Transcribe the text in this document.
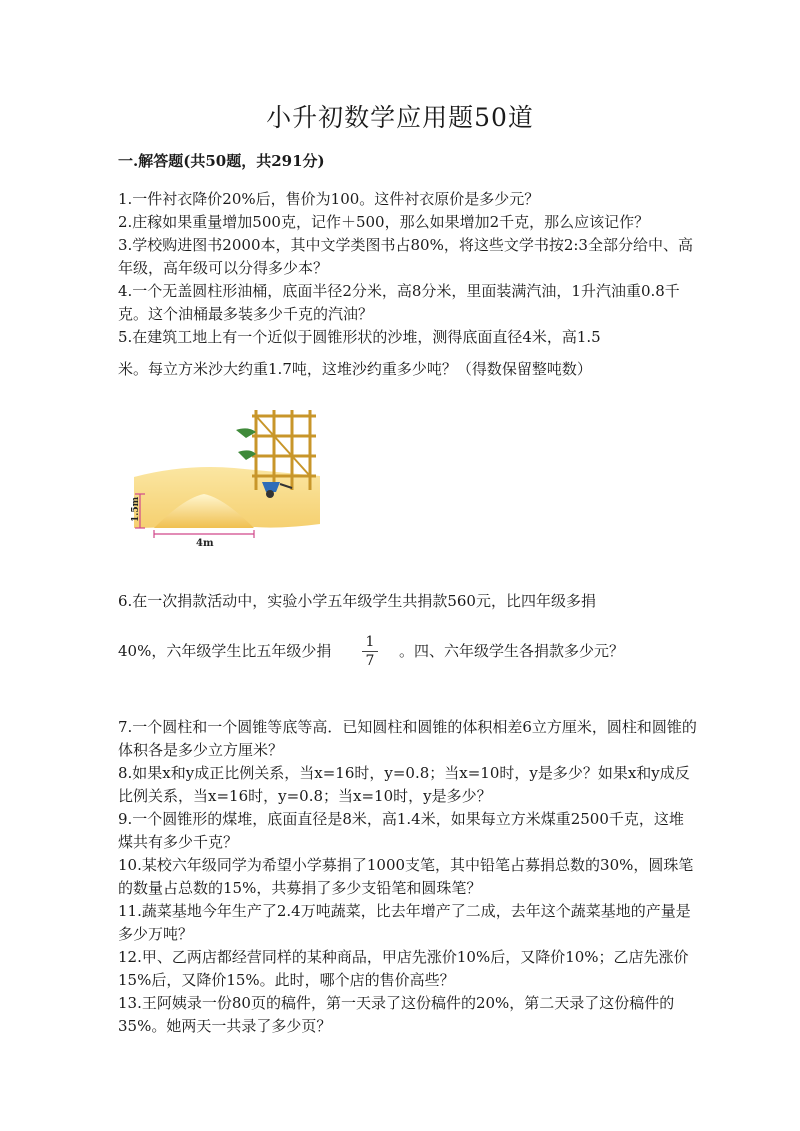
小升初数学应用题50道
一.解答题(共50题，共291分)

1.一件衬衣降价20%后，售价为100。这件衬衣原价是多少元？

2.庄稼如果重量增加500克，记作＋500，那么如果增加2千克，那么应该记作？

3.学校购进图书2000本，其中文学类图书占80%，将这些文学书按2:3全部分给中、高年级，高年级可以分得多少本？

4.一个无盖圆柱形油桶，底面半径2分米，高8分米，里面装满汽油，1升汽油重0.8千克。这个油桶最多装多少千克的汽油？

5.在建筑工地上有一个近似于圆锥形状的沙堆，测得底面直径4米，高1.5

米。每立方米沙大约重1.7吨，这堆沙约重多少吨？（得数保留整吨数）

1.5m
4m

6.在一次捐款活动中，实验小学五年级学生共捐款560元，比四年级多捐

40%，六年级学生比五年级少捐 1
7

。四、六年级学生各捐款多少元？

7.一个圆柱和一个圆锥等底等高．已知圆柱和圆锥的体积相差6立方厘米，圆柱和圆锥的体积各是多少立方厘米？

8.如果x和y成正比例关系，当x=16时，y=0.8；当x=10时，y是多少？如果x和y成反比例关系，当x=16时，y=0.8；当x=10时，y是多少？

9.一个圆锥形的煤堆，底面直径是8米，高1.4米，如果每立方米煤重2500千克，这堆煤共有多少千克？

10.某校六年级同学为希望小学募捐了1000支笔，其中铅笔占募捐总数的30%，圆珠笔的数量占总数的15%，共募捐了多少支铅笔和圆珠笔？

11.蔬菜基地今年生产了2.4万吨蔬菜，比去年增产了二成，去年这个蔬菜基地的产量是多少万吨？

12.甲、乙两店都经营同样的某种商品，甲店先涨价10%后，又降价10%；乙店先涨价15%后，又降价15%。此时，哪个店的售价高些？

13.王阿姨录一份80页的稿件，第一天录了这份稿件的20%，第二天录了这份稿件的35%。她两天一共录了多少页？
